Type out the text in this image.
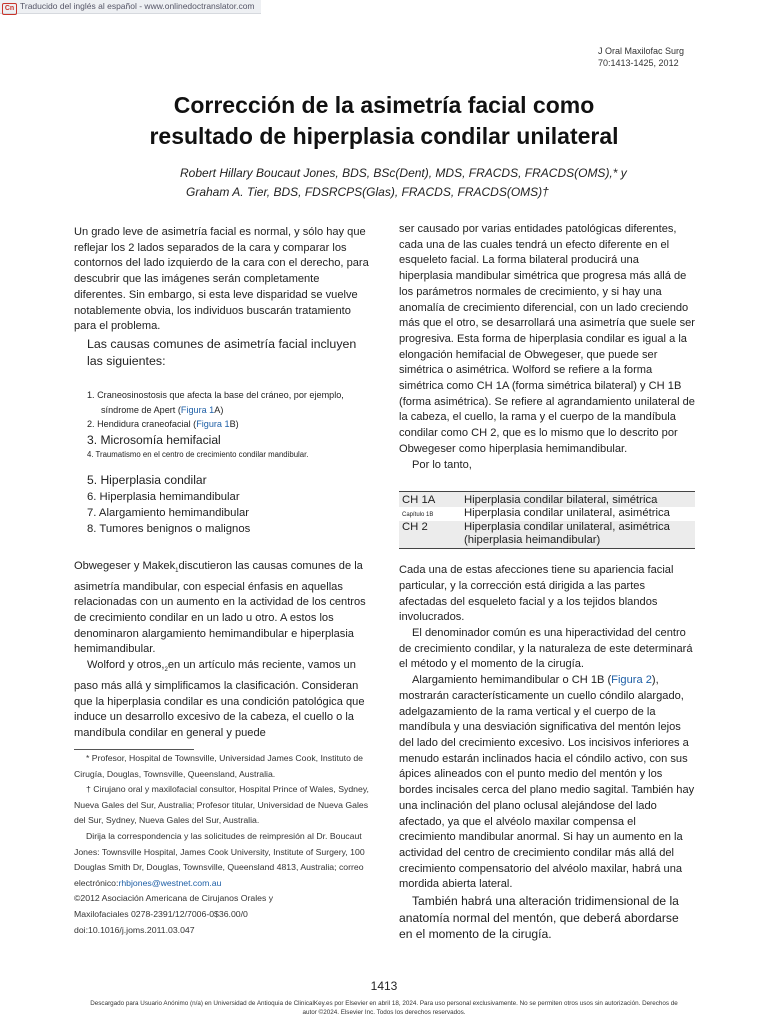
Cn Traducido del inglés al español - www.onlinedoctranslator.com
J Oral Maxilofac Surg
70:1413-1425, 2012
Corrección de la asimetría facial como
resultado de hiperplasia condilar unilateral
Robert Hillary Boucaut Jones, BDS, BSc(Dent), MDS, FRACDS, FRACDS(OMS),* y
Graham A. Tier, BDS, FDSRCPS(Glas), FRACDS, FRACDS(OMS)†

Un grado leve de asimetría facial es normal, y sólo hay que reflejar los 2 lados separados de la cara y comparar los contornos del lado izquierdo de la cara con el derecho, para descubrir que las imágenes serán completamente diferentes. Sin embargo, si esta leve disparidad se vuelve notablemente obvia, los individuos buscarán tratamiento para el problema.

Las causas comunes de asimetría facial incluyen las siguientes:

1. Craneosinostosis que afecta la base del cráneo, por ejemplo, síndrome de Apert (Figura 1A)
2. Hendidura craneofacial (Figura 1B)
3. Microsomía hemifacial
4. Traumatismo en el centro de crecimiento condilar mandibular.
5. Hiperplasia condilar
6. Hiperplasia hemimandibular
7. Alargamiento hemimandibular
8. Tumores benignos o malignos

Obwegeser y Makek$_1$discutieron las causas comunes de la asimetría mandibular, con especial énfasis en aquellas relacionadas con un aumento en la actividad de los centros de crecimiento condilar en un lado u otro. A estos los denominaron alargamiento hemimandibular e hiperplasia hemimandibular.

Wolford y $otros,_2en$ un artículo más reciente, vamos un paso más allá y simplificamos la clasificación. Consideran que la hiperplasia condilar es una condición patológica que induce un desarrollo excesivo de la cabeza, el cuello o la mandíbula condilar en general y puede

* Profesor, Hospital de Townsville, Universidad James Cook, Instituto de Cirugía, Douglas, Townsville, Queensland, Australia.

† Cirujano oral y maxilofacial consultor, Hospital Prince of Wales, Sydney, Nueva Gales del Sur, Australia; Profesor titular, Universidad de Nueva Gales del Sur, Sydney, Nueva Gales del Sur, Australia.

Dirija la correspondencia y las solicitudes de reimpresión al Dr. Boucaut Jones: Townsville Hospital, James Cook University, Institute of Surgery, 100 Douglas Smith Dr, Douglas, Townsville, Queensland 4813, Australia; correo electrónico:rhbjones@westnet.com.au

©2012 Asociación Americana de Cirujanos Orales y

Maxilofaciales 0278-2391/12/7006-0$36.00/0

doi:10.1016/j.joms.2011.03.047

ser causado por varias entidades patológicas diferentes, cada una de las cuales tendrá un efecto diferente en el esqueleto facial. La forma bilateral producirá una hiperplasia mandibular simétrica que progresa más allá de los parámetros normales de crecimiento, y si hay una anomalía de crecimiento diferencial, con un lado creciendo más que el otro, se desarrollará una asimetría que suele ser progresiva. Esta forma de hiperplasia condilar es igual a la elongación hemifacial de Obwegeser, que puede ser simétrica o asimétrica. Wolford se refiere a la forma simétrica como CH 1A (forma simétrica bilateral) y CH 1B (forma asimétrica). Se refiere al agrandamiento unilateral de la cabeza, el cuello, la rama y el cuerpo de la mandíbula condilar como CH 2, que es lo mismo que lo descrito por Obwegeser como hiperplasia hemimandibular.

Por lo tanto,

CH 1A	Hiperplasia condilar bilateral, simétrica
Capítulo 1B	Hiperplasia condilar unilateral, asimétrica
CH 2	Hiperplasia condilar unilateral, asimétrica (hiperplasia heimandibular)

Cada una de estas afecciones tiene su apariencia facial particular, y la corrección está dirigida a las partes afectadas del esqueleto facial y a los tejidos blandos involucrados.

El denominador común es una hiperactividad del centro de crecimiento condilar, y la naturaleza de este determinará el método y el momento de la cirugía.

Alargamiento hemimandibular o CH 1B (Figura 2), mostrarán característicamente un cuello cóndilo alargado, adelgazamiento de la rama vertical y el cuerpo de la mandíbula y una desviación significativa del mentón lejos del lado del crecimiento excesivo. Los incisivos inferiores a menudo estarán inclinados hacia el cóndilo activo, con sus ápices alineados con el punto medio del mentón y los bordes incisales cerca del plano medio sagital. También hay una inclinación del plano oclusal alejándose del lado afectado, ya que el alvéolo maxilar compensa el crecimiento mandibular anormal. Si hay un aumento en la actividad del centro de crecimiento condilar más allá del crecimiento compensatorio del alvéolo maxilar, habrá una mordida abierta lateral.

También habrá una alteración tridimensional de la anatomía normal del mentón, que deberá abordarse en el momento de la cirugía.

1413
Descargado para Usuario Anónimo (n/a) en Universidad de Antioquia de ClinicalKey.es por Elsevier en abril 18, 2024. Para uso personal exclusivamente. No se permiten otros usos sin autorización. Derechos de autor ©2024. Elsevier Inc. Todos los derechos reservados.
